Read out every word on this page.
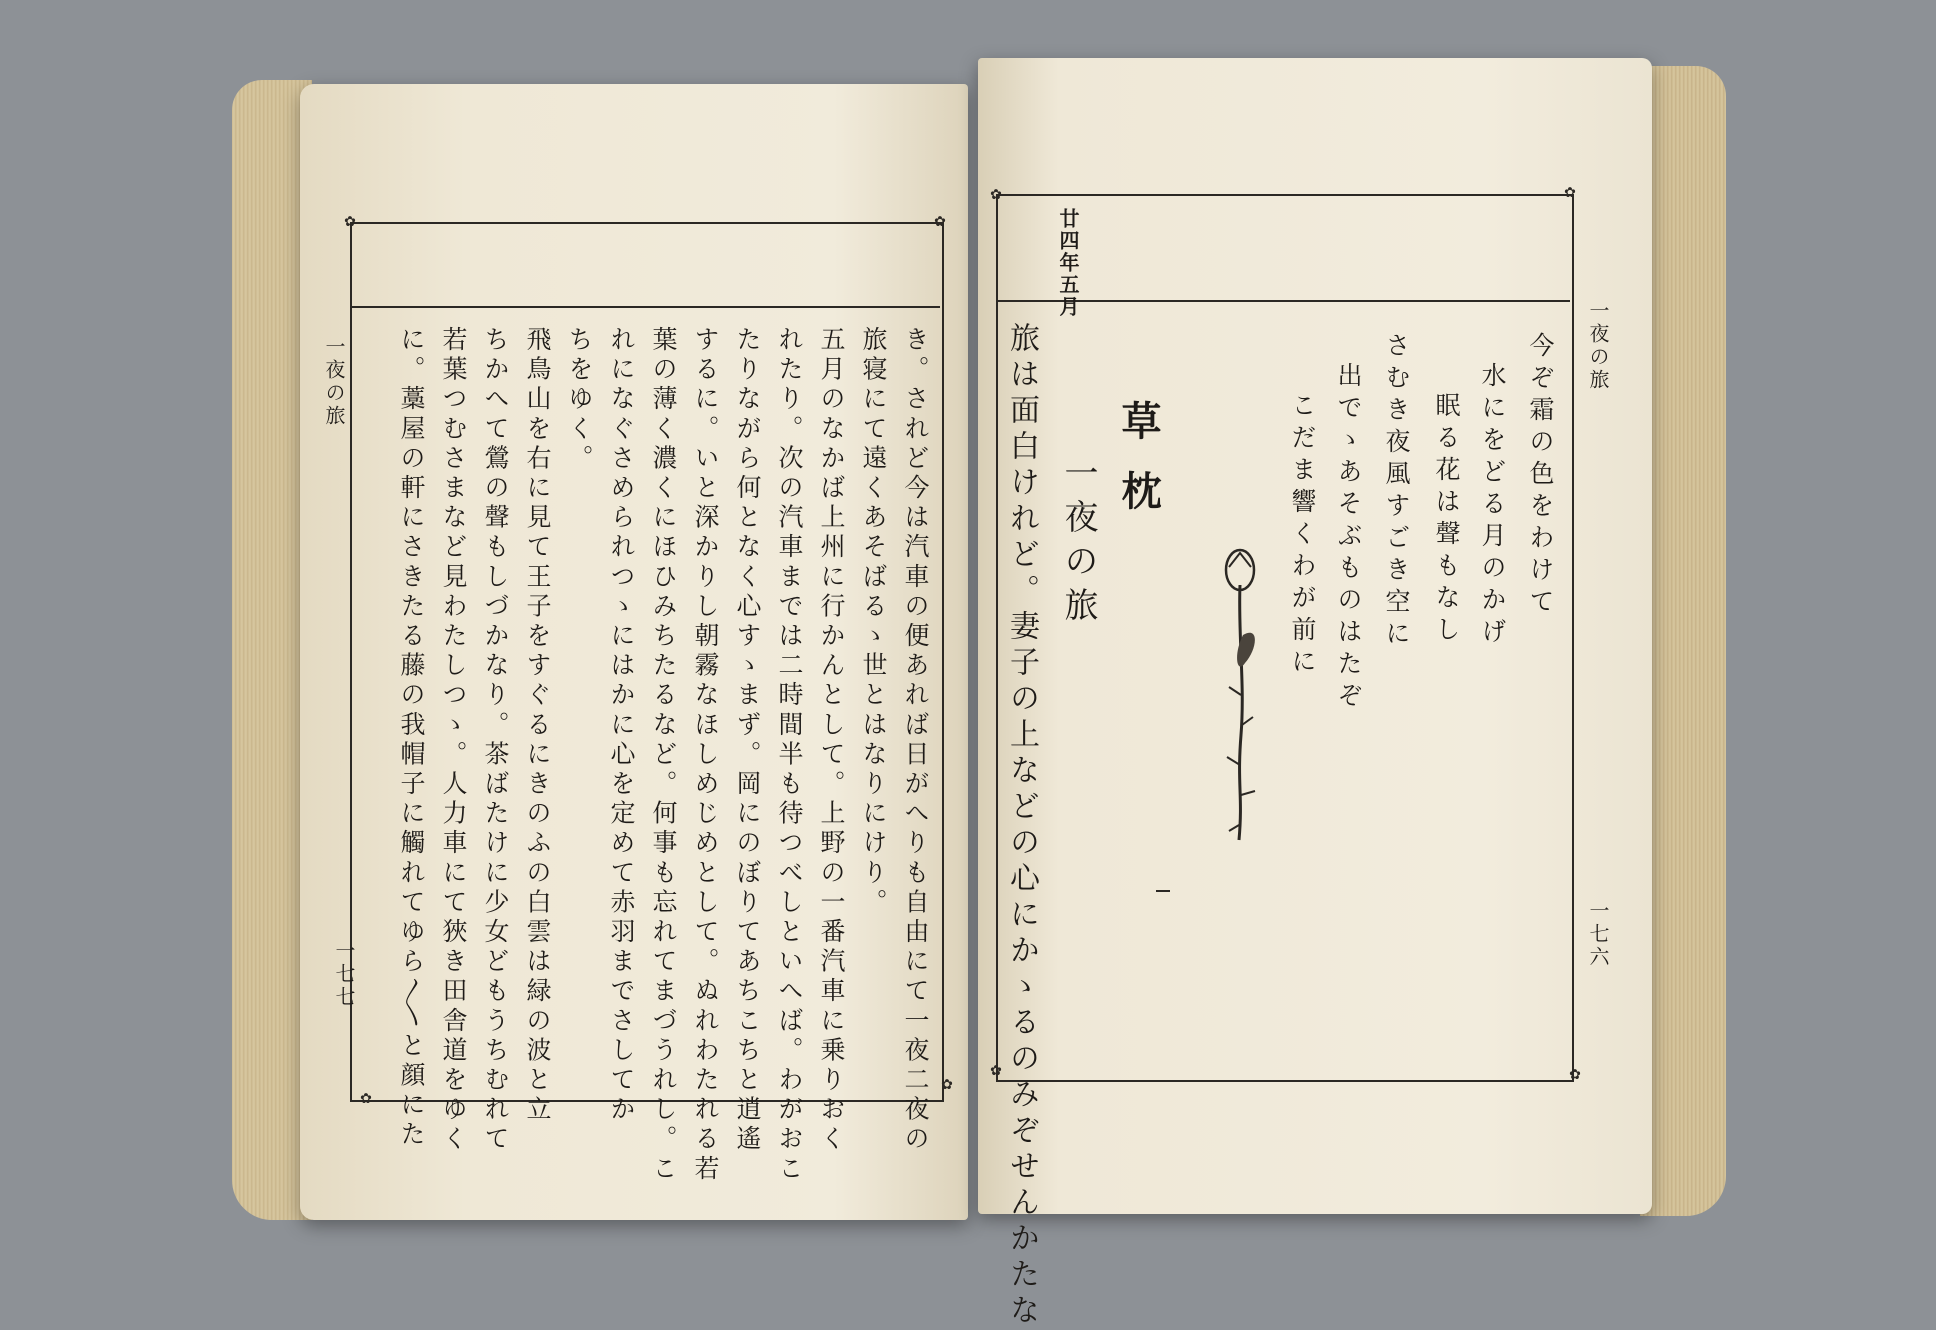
✿	✿
✿
✿
一夜の旅
一七七	き。されど今は汽車の便あれば日がへりも自由にて一夜二夜の
旅寝にて遠くあそばるゝ世とはなりにけり。
五月のなかば上州に行かんとして。上野の一番汽車に乗りおく
れたり。次の汽車までは二時間半も待つべしといへば。わがおこ
たりながら何となく心すゝまず。岡にのぼりてあちこちと逍遙
するに。いと深かりし朝霧なほしめじめとして。ぬれわたれる若
葉の薄く濃くにほひみちたるなど。何事も忘れてまづうれし。こ
れになぐさめられつゝにはかに心を定めて赤羽までさしてか
ちをゆく。
飛鳥山を右に見て王子をすぐるにきのふの白雲は緑の波と立
ちかへて鶯の聲もしづかなり。茶ばたけに少女どもうちむれて
若葉つむさまなど見わたしつゝ。人力車にて狹き田舎道をゆく
に。藁屋の軒にさきたる藤の我帽子に觸れてゆら〳〵と顔にた
✿	✿
✿	✿
一夜の旅
一七六
廿四年五月
今ぞ霜の色をわけて
水にをどる月のかげ
眠る花は聲もなし
さむき夜風すごき空に
出でゝあそぶものはたぞ
こだま響くわが前に
草枕
一夜の旅
旅は面白けれど。妻子の上などの心にかゝるのみぞせんかたな
